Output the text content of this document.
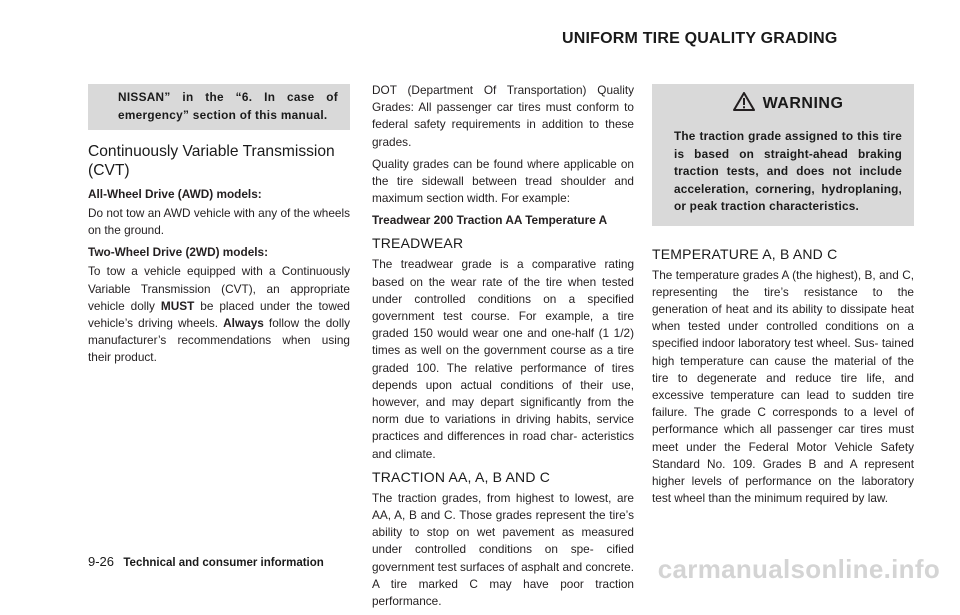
UNIFORM TIRE QUALITY GRADING
NISSAN” in the “6. In case of emergency” section of this manual.
Continuously Variable Transmission (CVT)
All-Wheel Drive (AWD) models:

Do not tow an AWD vehicle with any of the wheels on the ground.

Two-Wheel Drive (2WD) models:

To tow a vehicle equipped with a Continuously Variable Transmission (CVT), an appropriate vehicle dolly MUST be placed under the towed vehicle’s driving wheels. Always follow the dolly manufacturer’s recommendations when using their product.

DOT (Department Of Transportation) Quality Grades: All passenger car tires must conform to federal safety requirements in addition to these grades.

Quality grades can be found where applicable on the tire sidewall between tread shoulder and maximum section width. For example:

Treadwear 200 Traction AA Temperature A
TREADWEAR

The treadwear grade is a comparative rating based on the wear rate of the tire when tested under controlled conditions on a specified government test course. For example, a tire graded 150 would wear one and one-half (1 1/2) times as well on the government course as a tire graded 100. The relative performance of tires depends upon actual conditions of their use, however, and may depart significantly from the norm due to variations in driving habits, service practices and differences in road char- acteristics and climate.

TRACTION AA, A, B AND C

The traction grades, from highest to lowest, are AA, A, B and C. Those grades represent the tire’s ability to stop on wet pavement as measured under controlled conditions on spe- cified government test surfaces of asphalt and concrete. A tire marked C may have poor traction performance.

WARNING

The traction grade assigned to this tire is based on straight-ahead braking traction tests, and does not include acceleration, cornering, hydroplaning, or peak traction characteristics.

TEMPERATURE A, B AND C

The temperature grades A (the highest), B, and C, representing the tire’s resistance to the generation of heat and its ability to dissipate heat when tested under controlled conditions on a specified indoor laboratory test wheel. Sus- tained high temperature can cause the material of the tire to degenerate and reduce tire life, and excessive temperature can lead to sudden tire failure. The grade C corresponds to a level of performance which all passenger car tires must meet under the Federal Motor Vehicle Safety Standard No. 109. Grades B and A represent higher levels of performance on the laboratory test wheel than the minimum required by law.

9-26 Technical and consumer information	carmanualsonline.info
